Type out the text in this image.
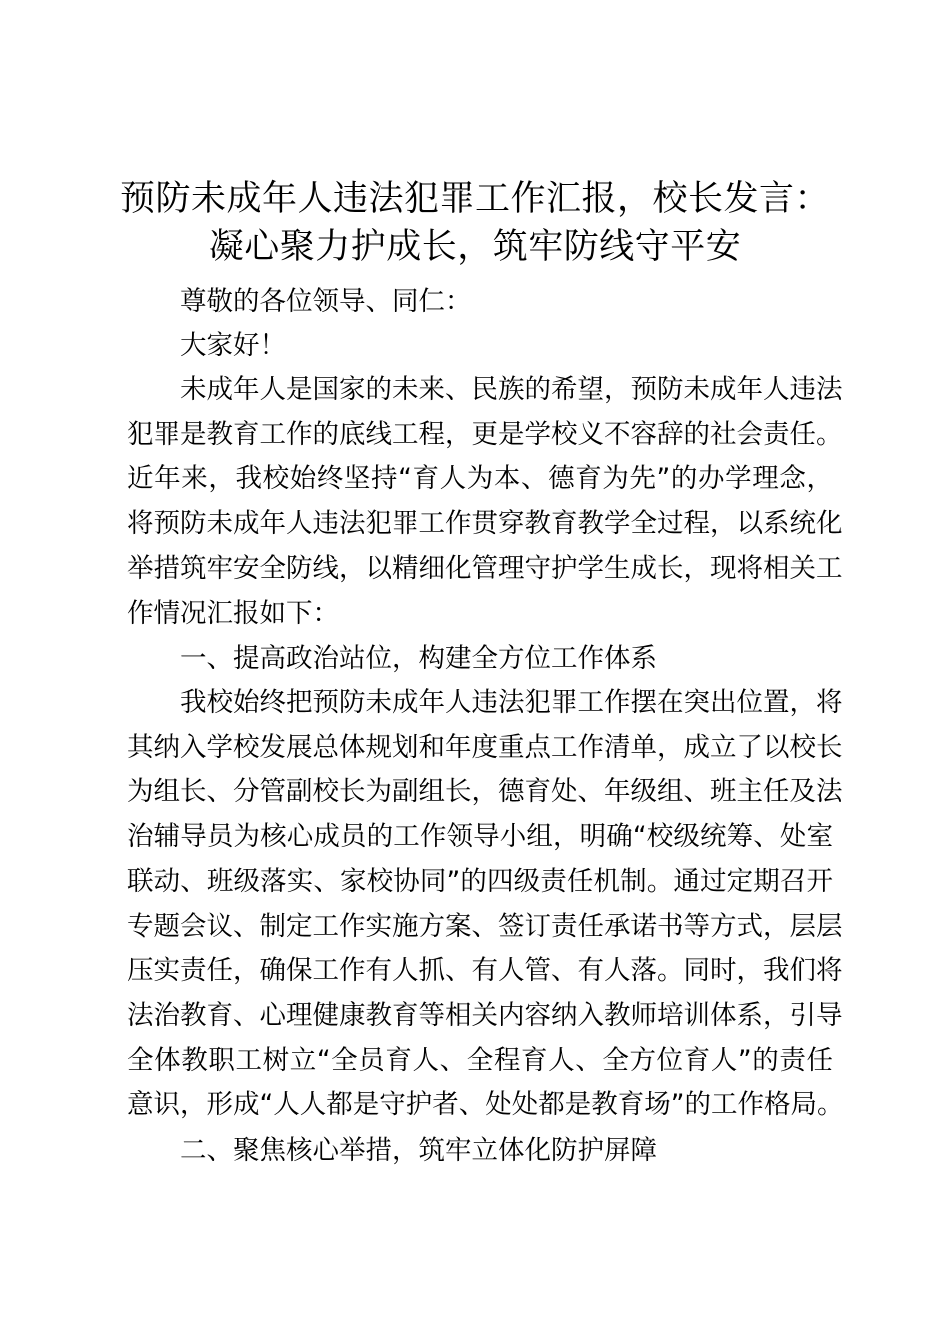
预防未成年人违法犯罪工作汇报，校长发言：
凝心聚力护成长，筑牢防线守平安

尊敬的各位领导、同仁：

大家好！

未成年人是国家的未来、民族的希望，预防未成年人违法
犯罪是教育工作的底线工程，更是学校义不容辞的社会责任。
近年来，我校始终坚持“育人为本、德育为先”的办学理念，
将预防未成年人违法犯罪工作贯穿教育教学全过程，以系统化
举措筑牢安全防线，以精细化管理守护学生成长，现将相关工
作情况汇报如下：

一、提高政治站位，构建全方位工作体系

我校始终把预防未成年人违法犯罪工作摆在突出位置，将
其纳入学校发展总体规划和年度重点工作清单，成立了以校长
为组长、分管副校长为副组长，德育处、年级组、班主任及法
治辅导员为核心成员的工作领导小组，明确“校级统筹、处室
联动、班级落实、家校协同”的四级责任机制。通过定期召开
专题会议、制定工作实施方案、签订责任承诺书等方式，层层
压实责任，确保工作有人抓、有人管、有人落。同时，我们将
法治教育、心理健康教育等相关内容纳入教师培训体系，引导
全体教职工树立“全员育人、全程育人、全方位育人”的责任
意识，形成“人人都是守护者、处处都是教育场”的工作格局。

二、聚焦核心举措，筑牢立体化防护屏障
